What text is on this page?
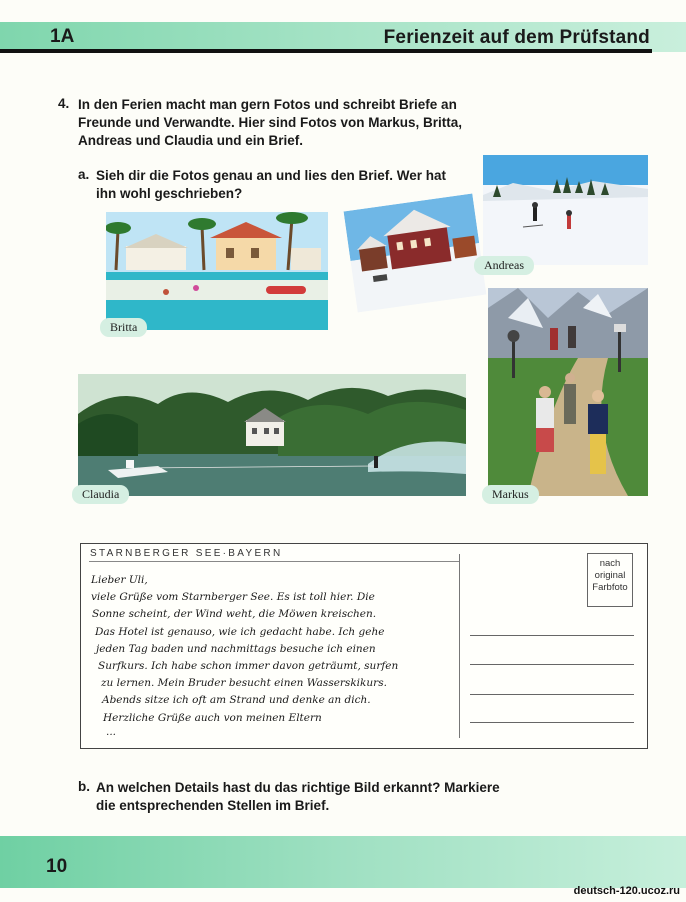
1A	Ferienzeit auf dem Prüfstand
4. In den Ferien macht man gern Fotos und schreibt Briefe an Freunde und Verwandte. Hier sind Fotos von Markus, Britta, Andreas und Claudia und ein Brief.
a. Sieh dir die Fotos genau an und lies den Brief. Wer hat ihn wohl geschrieben?
Britta
Andreas
Claudia	Markus
STARNBERGER SEE·BAYERN
nach original Farbfoto
Lieber Uli,
viele Grüße vom Starnberger See. Es ist toll hier. Die
Sonne scheint, der Wind weht, die Möwen kreischen.
Das Hotel ist genauso, wie ich gedacht habe. Ich gehe
jeden Tag baden und nachmittags besuche ich einen
Surfkurs. Ich habe schon immer davon geträumt, surfen
zu lernen. Mein Bruder besucht einen Wasserskikurs.
Abends sitze ich oft am Strand und denke an dich.
Herzliche Grüße auch von meinen Eltern
...
b. An welchen Details hast du das richtige Bild erkannt? Markiere die entsprechenden Stellen im Brief.
10
deutsch-120.ucoz.ru
